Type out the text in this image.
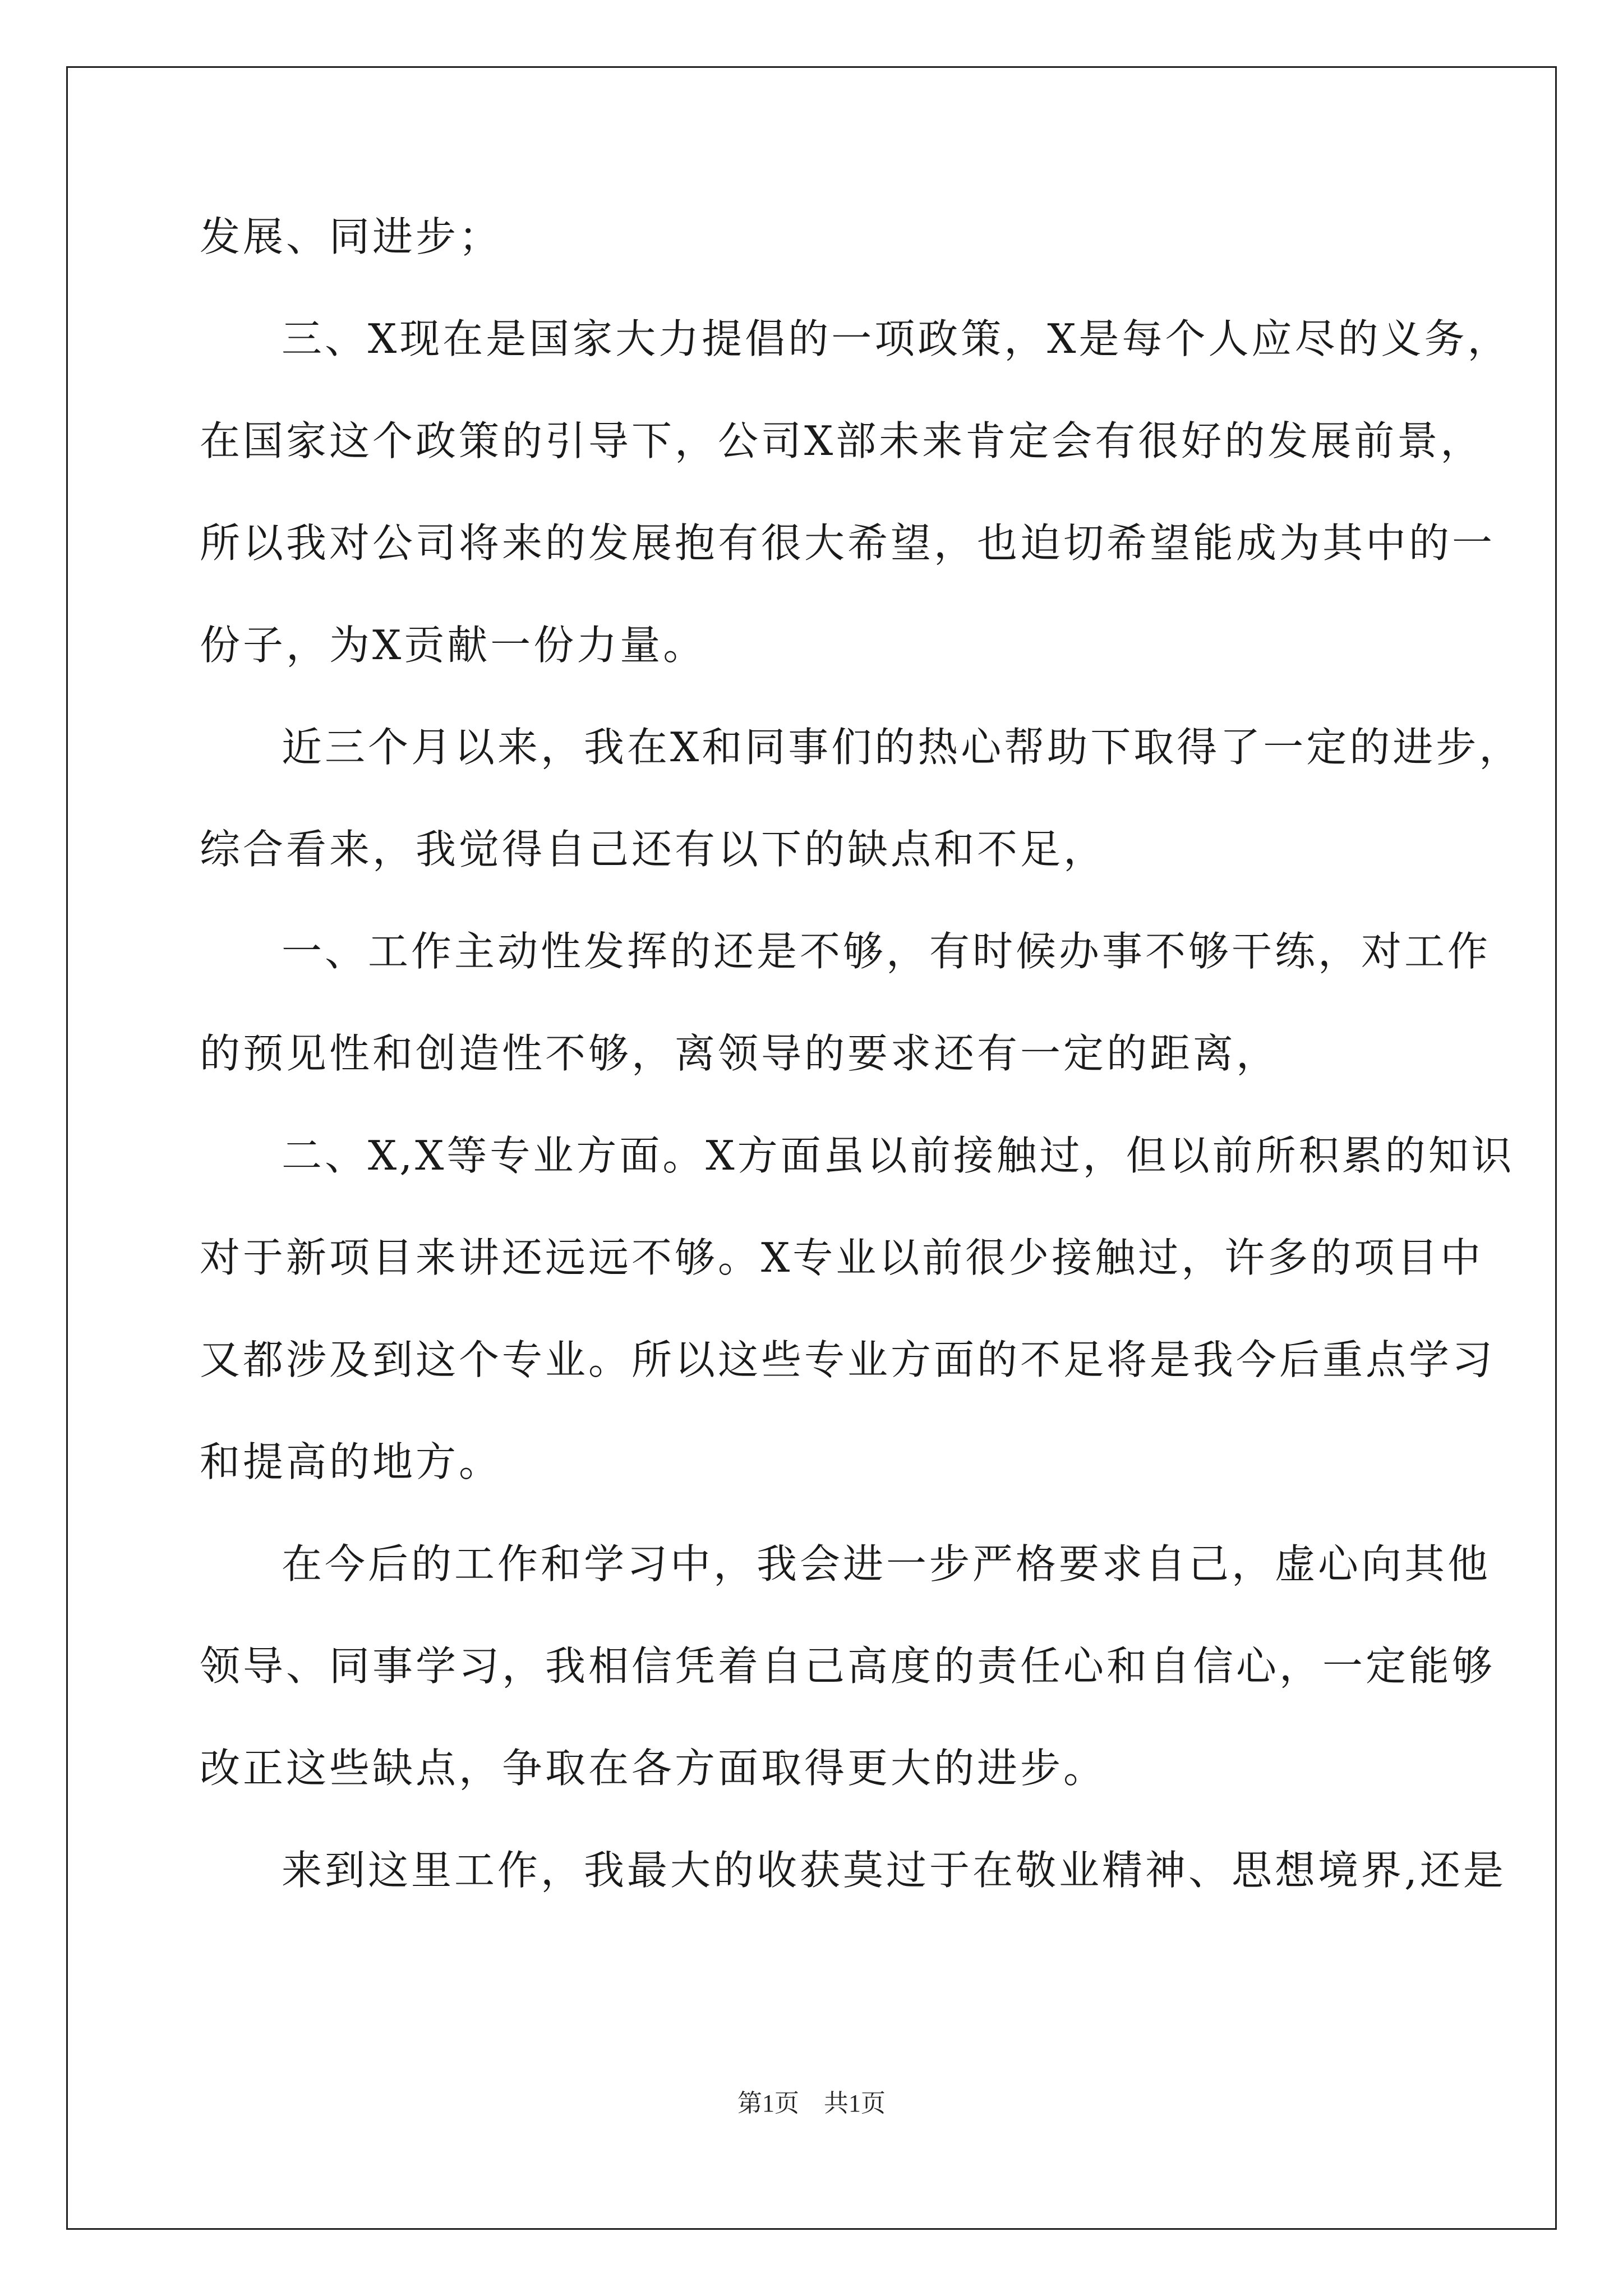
发展、同进步；
三、X现在是国家大力提倡的一项政策，X是每个人应尽的义务，
在国家这个政策的引导下，公司X部未来肯定会有很好的发展前景，
所以我对公司将来的发展抱有很大希望，也迫切希望能成为其中的一
份子，为X贡献一份力量。
近三个月以来，我在X和同事们的热心帮助下取得了一定的进步，
综合看来，我觉得自己还有以下的缺点和不足，
一、工作主动性发挥的还是不够，有时候办事不够干练，对工作
的预见性和创造性不够，离领导的要求还有一定的距离，
二、X,X等专业方面。X方面虽以前接触过，但以前所积累的知识
对于新项目来讲还远远不够。X专业以前很少接触过，许多的项目中
又都涉及到这个专业。所以这些专业方面的不足将是我今后重点学习
和提高的地方。
在今后的工作和学习中，我会进一步严格要求自己，虚心向其他
领导、同事学习，我相信凭着自己高度的责任心和自信心，一定能够
改正这些缺点，争取在各方面取得更大的进步。
来到这里工作，我最大的收获莫过于在敬业精神、思想境界,还是
第1页　共1页
